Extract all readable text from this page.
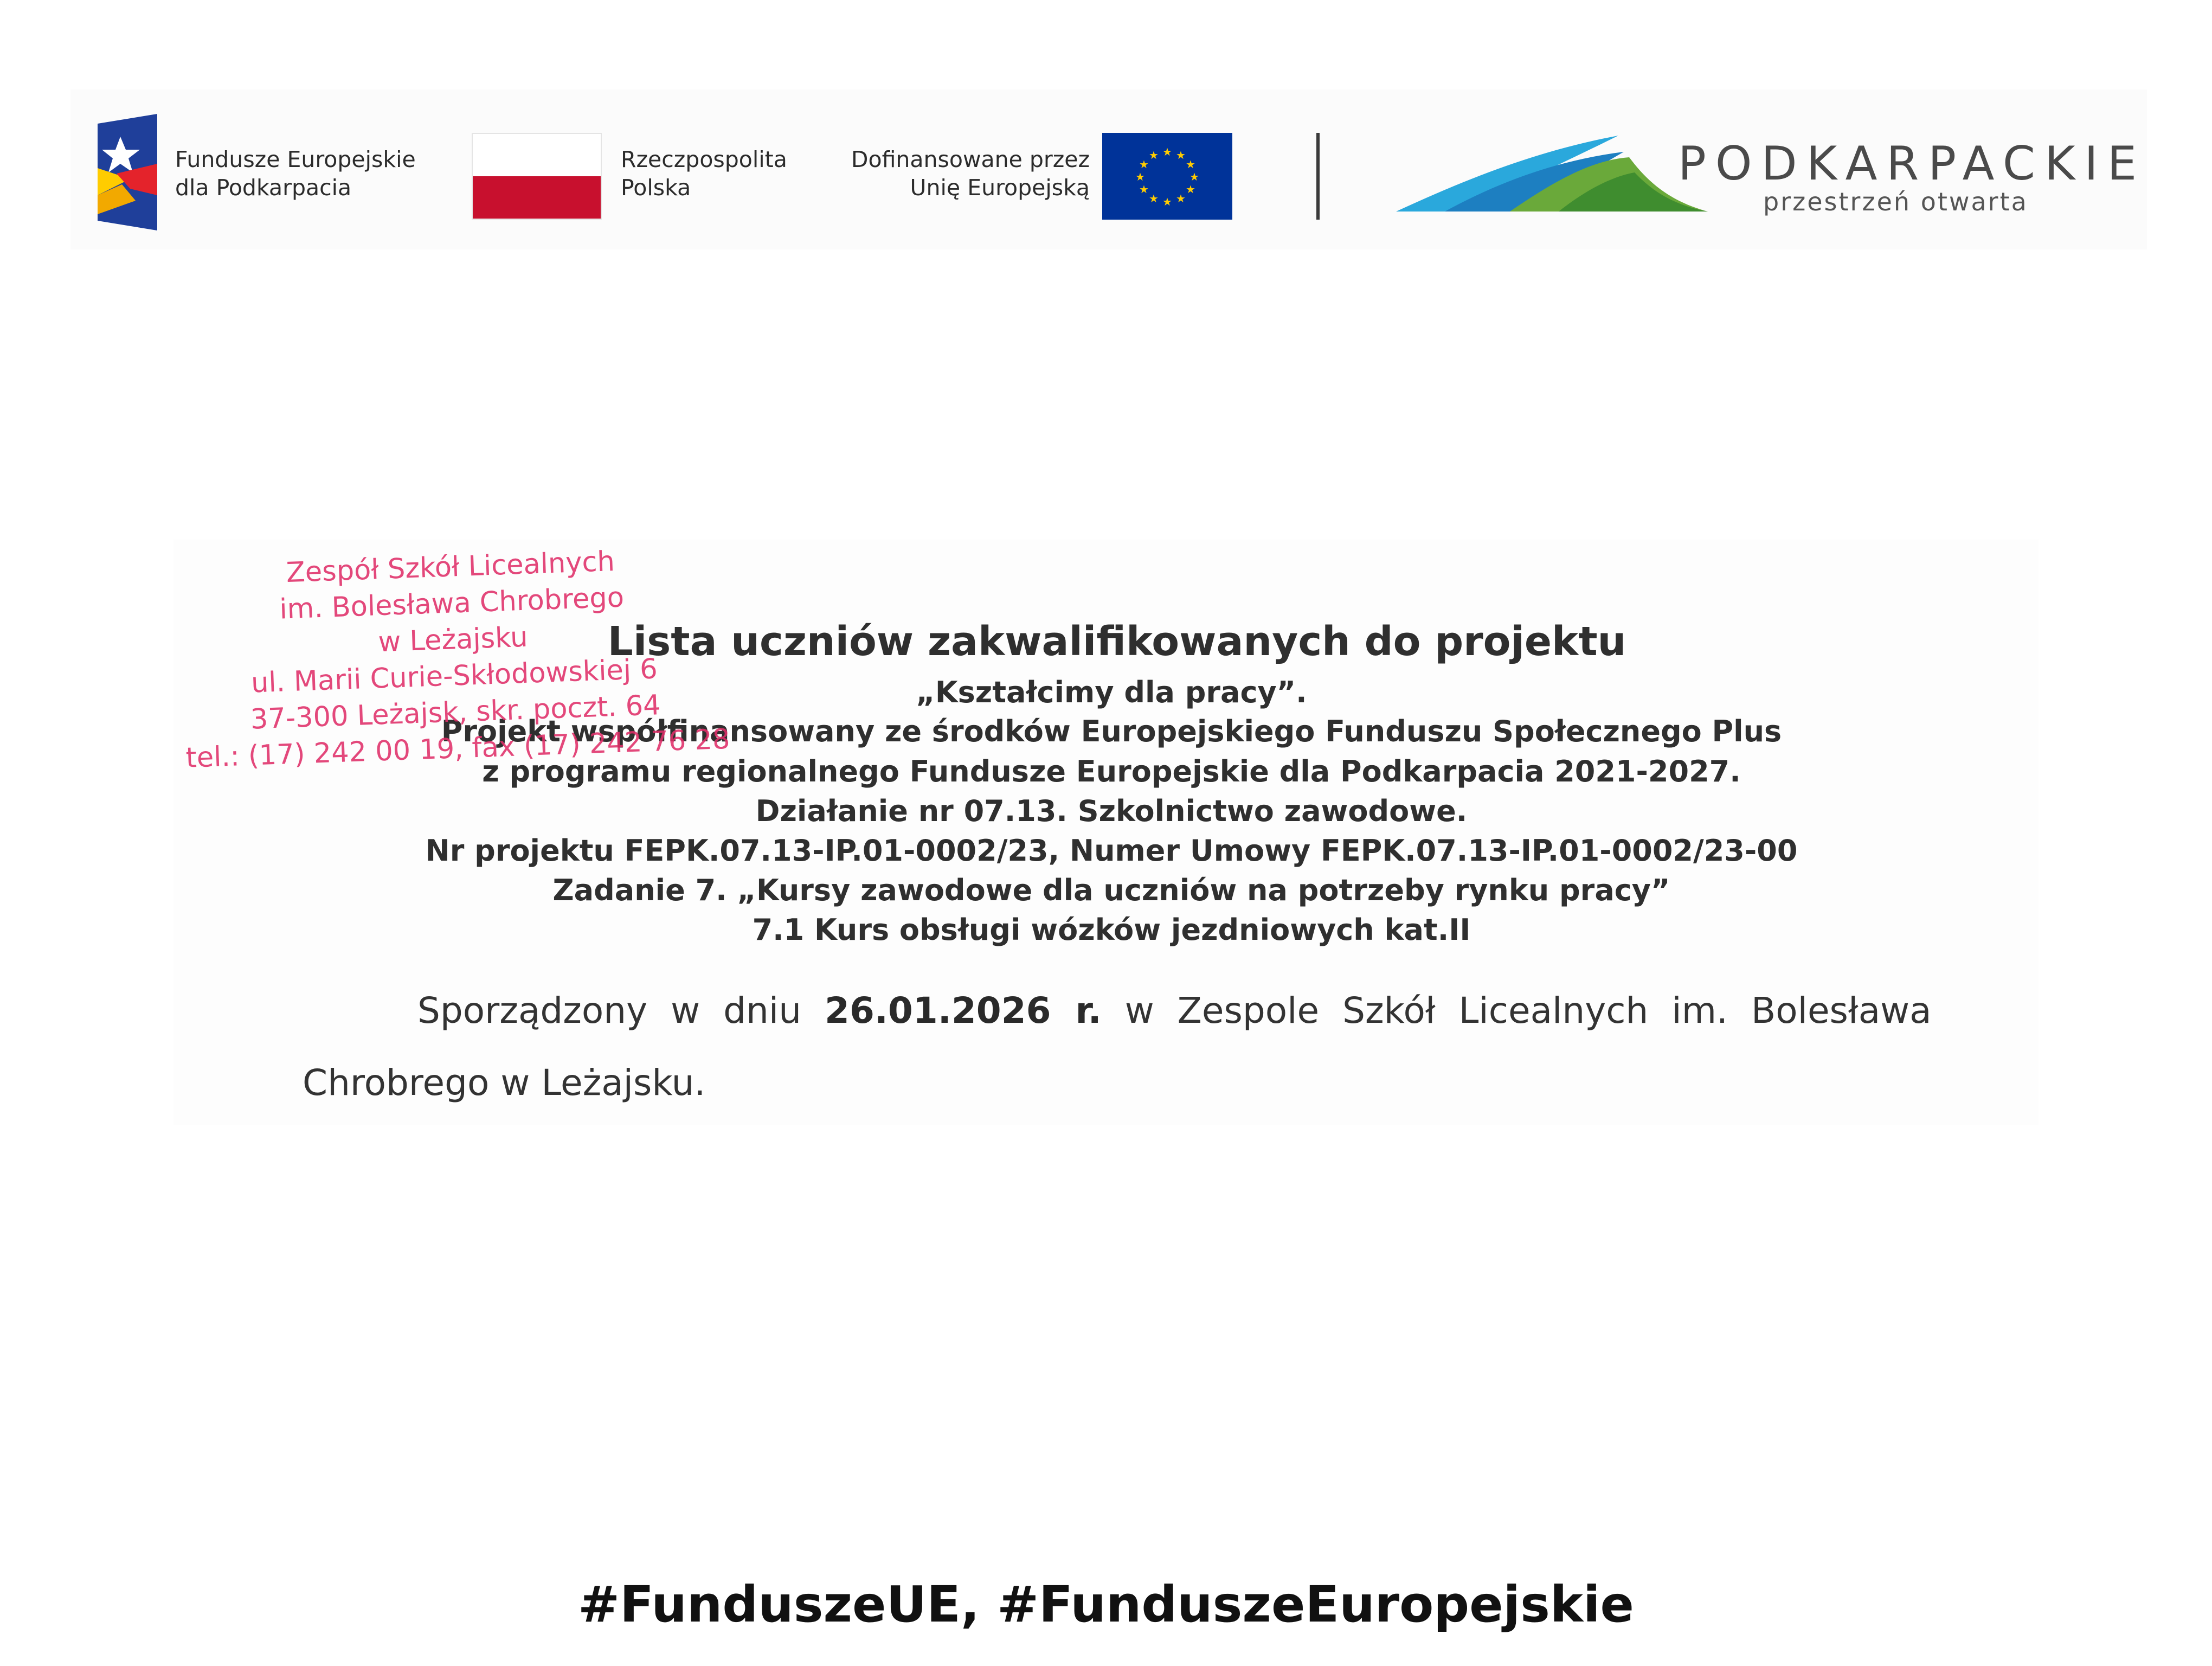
Fundusze Europejskie
dla Podkarpacia
Rzeczpospolita
Polska
Dofinansowane przez
Unię Europejską
★ ★
★
★
★
★
★
★
★
★
★
★	PODKARPACKIE
przestrzeń otwarta
Lista uczniów zakwalifikowanych do projektu
„Kształcimy dla pracy”.
Projekt współfinansowany ze środków Europejskiego Funduszu Społecznego Plus
z programu regionalnego Fundusze Europejskie dla Podkarpacia 2021-2027.
Działanie nr 07.13. Szkolnictwo zawodowe.
Nr projektu FEPK.07.13-IP.01-0002/23, Numer Umowy FEPK.07.13-IP.01-0002/23-00
Zadanie 7. „Kursy zawodowe dla uczniów na potrzeby rynku pracy”
7.1 Kurs obsługi wózków jezdniowych kat.II
Zespół Szkół Licealnych
im. Bolesława Chrobrego
w Leżajsku
ul. Marii Curie-Skłodowskiej 6
37-300 Leżajsk, skr. poczt. 64
tel.: (17) 242 00 19, fax (17) 242 76 28
Sporządzony w dniu 26.01.2026 r. w Zespole Szkół Licealnych im. Bolesława
Chrobrego w Leżajsku.
#FunduszeUE, #FunduszeEuropejskie
